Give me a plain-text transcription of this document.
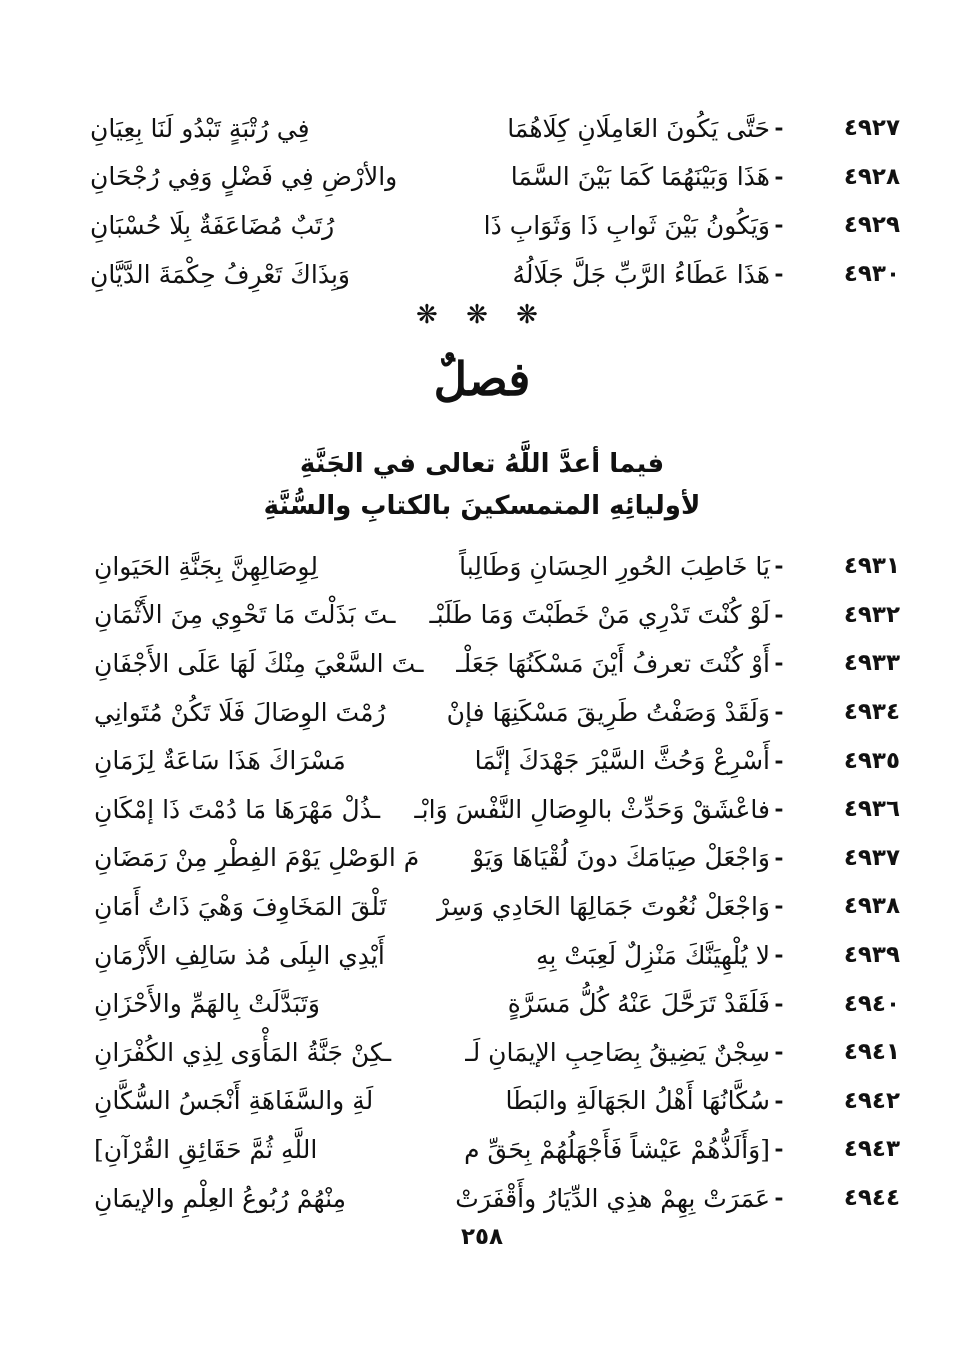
٤٩٢٧
-
حَتَّى يَكُونَ العَامِلَانِ كِلَاهُمَا
فِي رُتْبَةٍ تَبْدُو لَنَا بِعِيَانِ
٤٩٢٨
-
هَذَا وَبَيْنَهُمَا كَمَا بَيْنَ السَّمَا
والأرْضِ فِي فَضْلٍ وَفِي رُجْحَانِ
٤٩٢٩
-
وَيَكُونُ بَيْنَ ثَوابِ ذَا وَثَوَابِ ذَا
رُتَبٌ مُضَاعَفَةٌ بِلَا حُسْبَانِ
٤٩٣٠
-
هَذَا عَطَاءُ الرَّبِّ جَلَّ جَلَالُهُ
وَبِذَاكَ تَعْرِفُ حِكْمَةَ الدَّيَّانِ
❋ ❋ ❋
فصلٌ
فيما أعدَّ اللَّهُ تعالى في الجَنَّةِ
لأوليائِهِ المتمسكينَ بالكتابِ والسُّنَّةِ
٤٩٣١
-
يَا خَاطِبَ الحُورِ الحِسَانِ وَطَالِباً
لِوِصَالِهِنَّ بِجَنَّةِ الحَيَوانِ
٤٩٣٢
-
لَوْ كُنْتَ تَدْرِي مَنْ خَطَبْتَ وَمَا طَلَبْـ
ـتَ بَذَلْتَ مَا تَحْوِي مِنَ الأَثْمَانِ
٤٩٣٣
-
أَوْ كُنْتَ تعرفُ أَيْنَ مَسْكَنُهَا جَعَلْـ
ـتَ السَّعْيَ مِنْكَ لَهَا عَلَى الأَجْفَانِ
٤٩٣٤
-
وَلَقَدْ وَصَفْتُ طَرِيقَ مَسْكَنِهَا فإنْ
رُمْتَ الوِصَالَ فَلَا تَكُنْ مُتَوانِي
٤٩٣٥
-
أَسْرِعْ وَحُثَّ السَّيْرَ جَهْدَكَ إنَّمَا
مَسْرَاكَ هَذَا سَاعَةٌ لِزَمَانِ
٤٩٣٦
-
فاعْشَقْ وَحَدِّثْ بالوِصَالِ النَّفْسَ وَابْـ
ـذُلْ مَهْرَهَا مَا دُمْتَ ذَا إمْكَانِ
٤٩٣٧
-
وَاجْعَلْ صِيَامَكَ دونَ لُقْيَاهَا وَيَوْ
مَ الوَصْلِ يَوْمَ الفِطْرِ مِنْ رَمَضَانِ
٤٩٣٨
-
وَاجْعَلْ نُعُوتَ جَمَالِهَا الحَادِي وَسِرْ
تَلْقَ المَخَاوِفَ وَهْيَ ذَاتُ أَمَانِ
٤٩٣٩
-
لا يُلْهِيَنَّكَ مَنْزِلٌ لَعِبَتْ بِهِ
أَيْدِي البِلَى مُذ سَالِفِ الأَزْمَانِ
٤٩٤٠
-
فَلَقَدْ تَرَحَّلَ عَنْهُ كُلُّ مَسَرَّةٍ
وَتَبَدَّلَتْ بِالهَمِّ والأَحْزَانِ
٤٩٤١
-
سِجْنٌ يَضِيقُ بِصَاحِبِ الإيمَانِ لَـ
ـكِنْ جَنَّةُ المَأْوَى لِذِي الكُفْرَانِ
٤٩٤٢
-
سُكَّانُهَا أَهْلُ الجَهَالَةِ والبَطَا
لَةِ والسَّفَاهَةِ أَنْجَسُ السُّكَّانِ
٤٩٤٣
-
[وَأَلَذُّهُمْ عَيْشاً فَأَجْهَلُهُمْ بِحَقِّ م
اللَّهِ ثُمَّ حَقَائِقِ القُرْآنِ]
٤٩٤٤
-
عَمَرَتْ بِهِمْ هذِي الدِّيَارُ وأَقْفَرَتْ
مِنْهُمْ رُبُوعُ العِلْمِ والإيمَانِ
٢٥٨
